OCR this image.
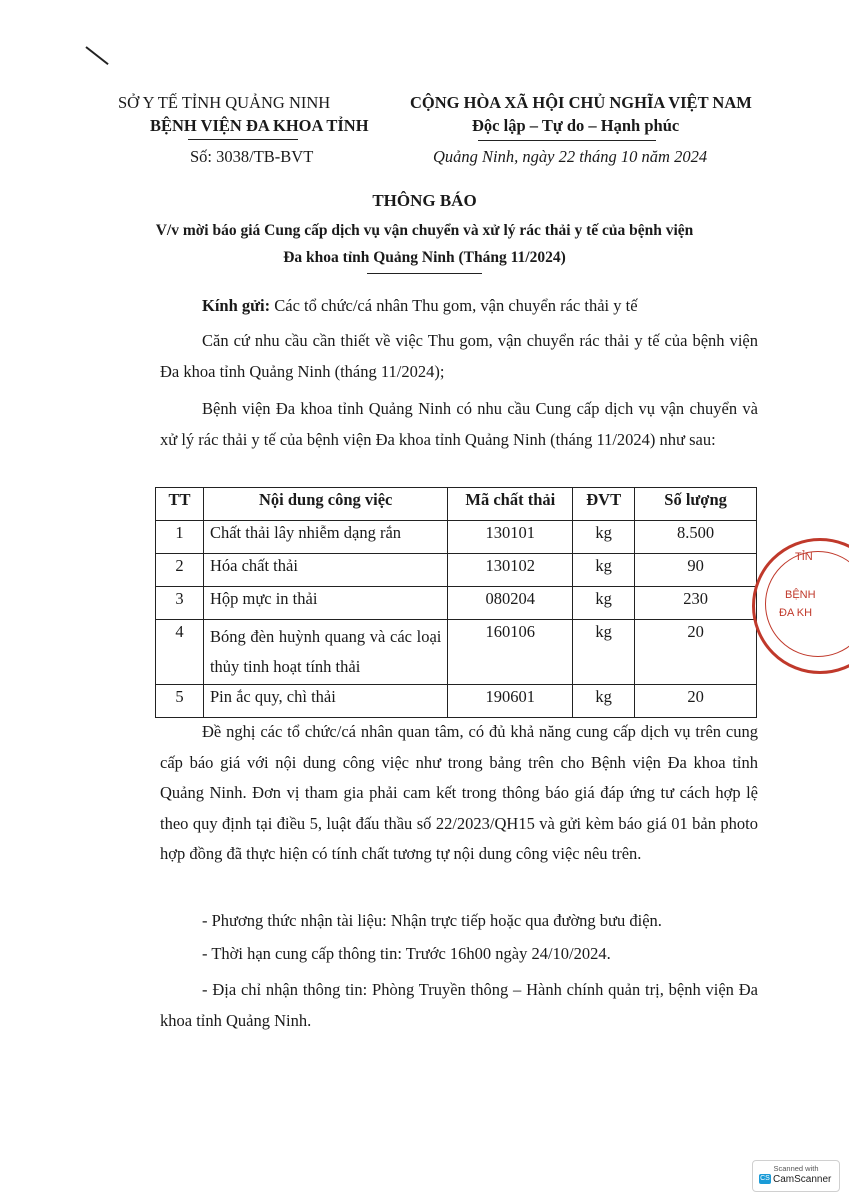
SỞ Y TẾ TỈNH QUẢNG NINH
BỆNH VIỆN ĐA KHOA TỈNH
Số: 3038/TB-BVT
CỘNG HÒA XÃ HỘI CHỦ NGHĨA VIỆT NAM
Độc lập – Tự do – Hạnh phúc
Quảng Ninh, ngày 22 tháng 10 năm 2024
THÔNG BÁO
V/v mời báo giá Cung cấp dịch vụ vận chuyển và xử lý rác thải y tế của bệnh viện
Đa khoa tỉnh Quảng Ninh (Tháng 11/2024)
Kính gửi: Các tổ chức/cá nhân Thu gom, vận chuyển rác thải y tế
Căn cứ nhu cầu cần thiết về việc Thu gom, vận chuyển rác thải y tế của bệnh viện Đa khoa tỉnh Quảng Ninh (tháng 11/2024);
Bệnh viện Đa khoa tỉnh Quảng Ninh có nhu cầu Cung cấp dịch vụ vận chuyển và xử lý rác thải y tế của bệnh viện Đa khoa tỉnh Quảng Ninh (tháng 11/2024) như sau:
TT	Nội dung công việc	Mã chất thải	ĐVT	Số lượng
1	Chất thải lây nhiễm dạng rắn	130101	kg	8.500
2	Hóa chất thải	130102	kg	90
3	Hộp mực in thải	080204	kg	230
4	Bóng đèn huỳnh quang và các loại thủy tinh hoạt tính thải	160106	kg	20
5	Pin ắc quy, chì thải	190601	kg	20
Đề nghị các tổ chức/cá nhân quan tâm, có đủ khả năng cung cấp dịch vụ trên cung cấp báo giá với nội dung công việc như trong bảng trên cho Bệnh viện Đa khoa tỉnh Quảng Ninh. Đơn vị tham gia phải cam kết trong thông báo giá đáp ứng tư cách hợp lệ theo quy định tại điều 5, luật đấu thầu số 22/2023/QH15 và gửi kèm báo giá 01 bản photo hợp đồng đã thực hiện có tính chất tương tự nội dung công việc nêu trên.
- Phương thức nhận tài liệu: Nhận trực tiếp hoặc qua đường bưu điện.
- Thời hạn cung cấp thông tin: Trước 16h00 ngày 24/10/2024.
- Địa chỉ nhận thông tin: Phòng Truyền thông – Hành chính quản trị, bệnh viện Đa khoa tỉnh Quảng Ninh.
TỈN
BỆNH
ĐA KH
Scanned with
CS CamScanner
